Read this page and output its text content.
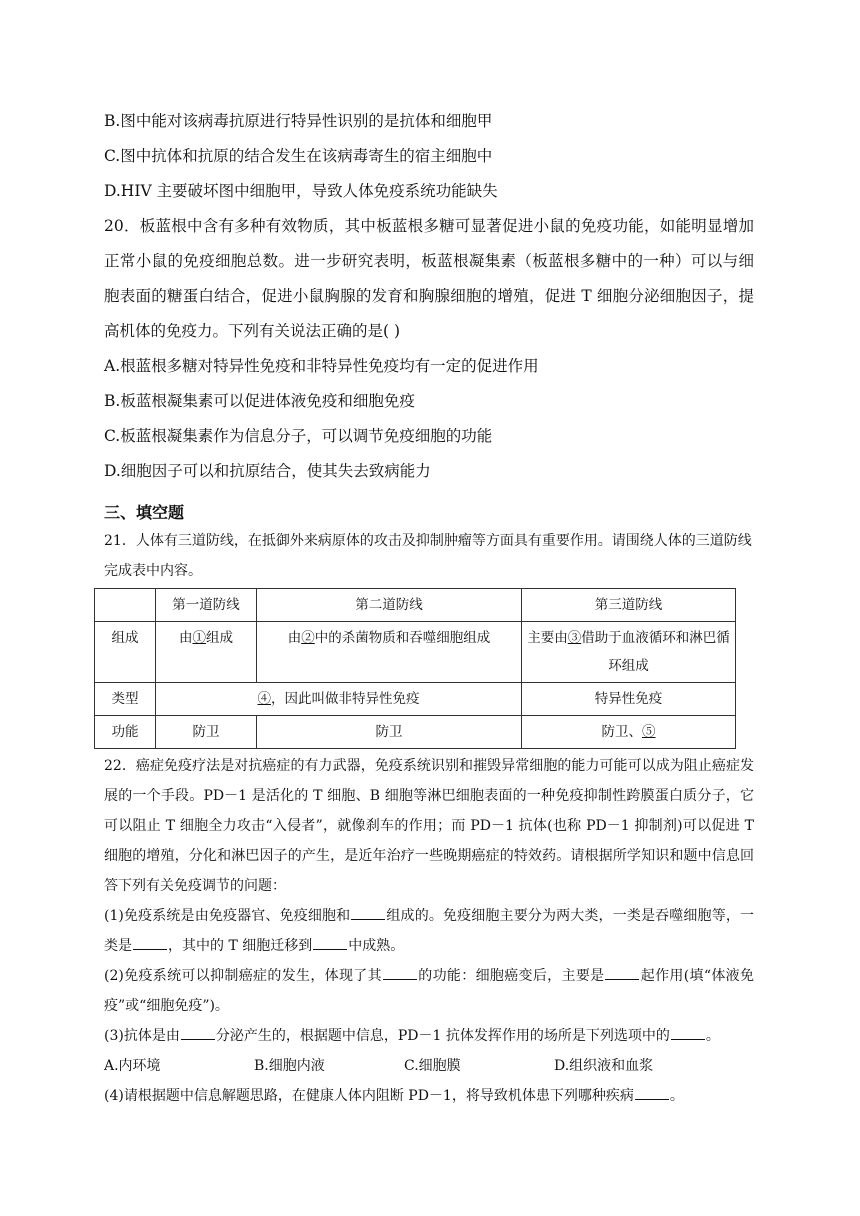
B.图中能对该病毒抗原进行特异性识别的是抗体和细胞甲

C.图中抗体和抗原的结合发生在该病毒寄生的宿主细胞中

D.HIV 主要破坏图中细胞甲，导致人体免疫系统功能缺失

20．板蓝根中含有多种有效物质，其中板蓝根多糖可显著促进小鼠的免疫功能，如能明显增加正常小鼠的免疫细胞总数。进一步研究表明，板蓝根凝集素（板蓝根多糖中的一种）可以与细胞表面的糖蛋白结合，促进小鼠胸腺的发育和胸腺细胞的增殖，促进 T 细胞分泌细胞因子，提高机体的免疫力。下列有关说法正确的是( )

A.根蓝根多糖对特异性免疫和非特异性免疫均有一定的促进作用

B.板蓝根凝集素可以促进体液免疫和细胞免疫

C.板蓝根凝集素作为信息分子，可以调节免疫细胞的功能

D.细胞因子可以和抗原结合，使其失去致病能力

三、填空题

21．人体有三道防线，在抵御外来病原体的攻击及抑制肿瘤等方面具有重要作用。请围绕人体的三道防线完成表中内容。

	第一道防线	第二道防线	第三道防线
组成	由①组成	由②中的杀菌物质和吞噬细胞组成	主要由③借助于血液循环和淋巴循环组成
类型	④，因此叫做非特异性免疫		特异性免疫
功能	防卫	防卫	防卫、⑤

22．癌症免疫疗法是对抗癌症的有力武器，免疫系统识别和摧毁异常细胞的能力可能可以成为阻止癌症发展的一个手段。PD－1 是活化的 T 细胞、B 细胞等淋巴细胞表面的一种免疫抑制性跨膜蛋白质分子，它可以阻止 T 细胞全力攻击“入侵者”，就像刹车的作用；而 PD－1 抗体(也称 PD－1 抑制剂)可以促进 T 细胞的增殖，分化和淋巴因子的产生，是近年治疗一些晚期癌症的特效药。请根据所学知识和题中信息回答下列有关免疫调节的问题：

(1)免疫系统是由免疫器官、免疫细胞和	组成的。免疫细胞主要分为两大类，一类是吞噬细胞等，一类是	，其中的 T 细胞迁移到	中成熟。

(2)免疫系统可以抑制癌症的发生，体现了其	的功能：细胞癌变后，主要是	起作用(填“体液免疫”或“细胞免疫”)。

(3)抗体是由	分泌产生的，根据题中信息，PD－1 抗体发挥作用的场所是下列选项中的	。

A.内环境	B.细胞内液	C.细胞膜	D.组织液和血浆

(4)请根据题中信息解题思路，在健康人体内阻断 PD－1，将导致机体患下列哪种疾病	。
